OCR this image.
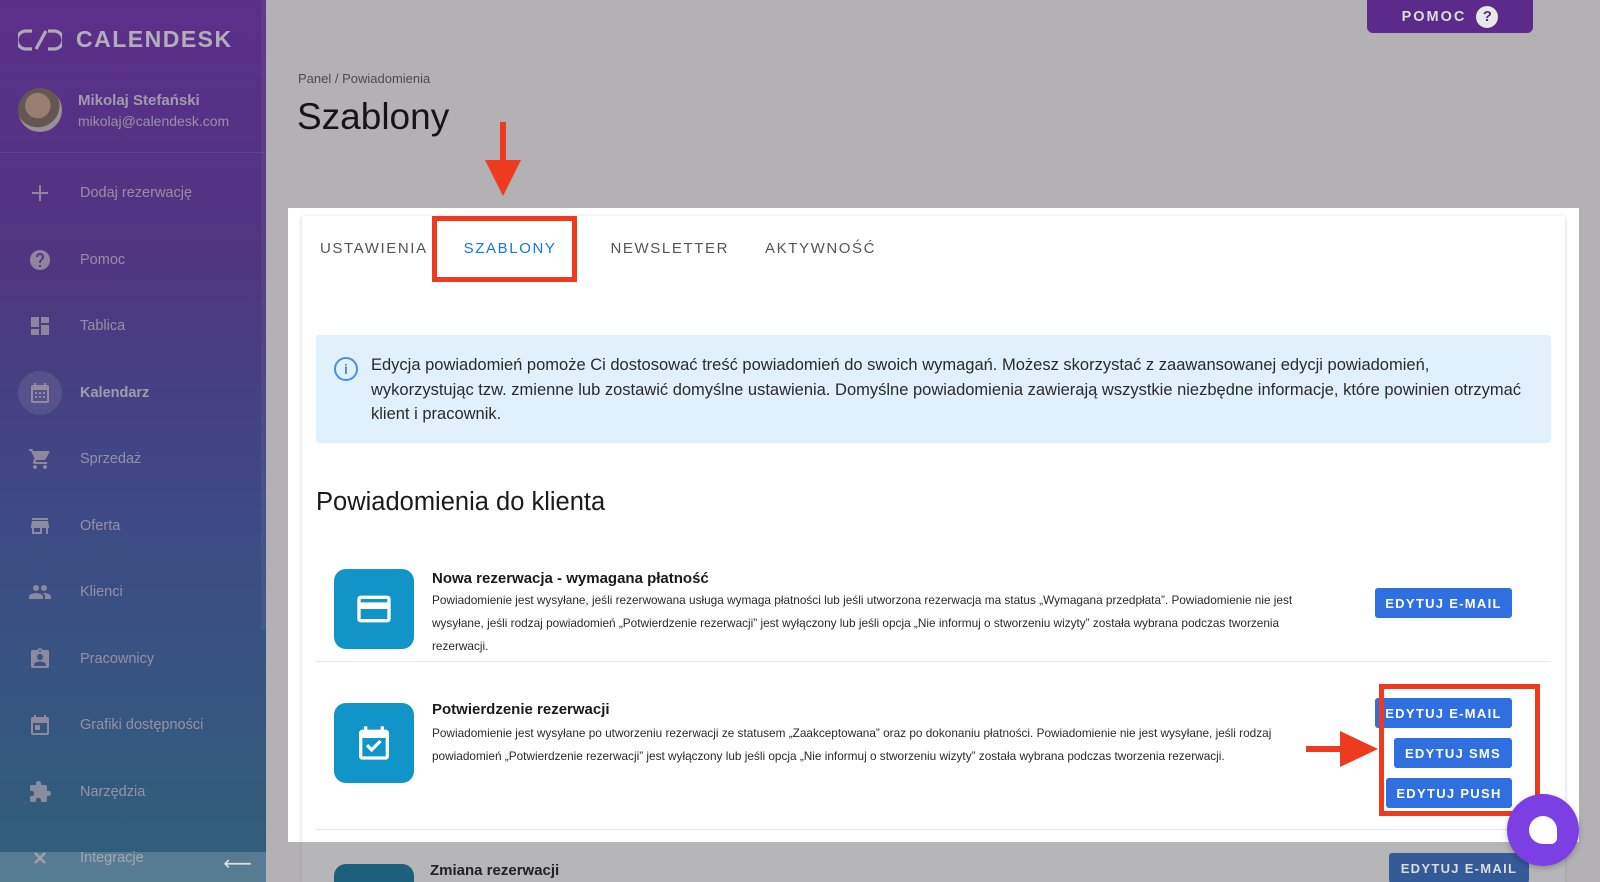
CALENDESK
Mikolaj Stefański
mikolaj@calendesk.com
Dodaj rezerwację
Pomoc
Tablica
Kalendarz
Sprzedaż
Oferta
Klienci
Pracownicy
Grafiki dostępności
Narzędzia
Integracje	⟵
POMOC	?
Panel / Powiadomienia
Szablony
Zmiana rezerwacji	EDYTUJ E-MAIL
USTAWIENIA	SZABLONY	NEWSLETTER	AKTYWNOŚĆ
i	Edycja powiadomień pomoże Ci dostosować treść powiadomień do swoich wymagań. Możesz skorzystać z zaawansowanej edycji powiadomień, wykorzystując tzw. zmienne lub zostawić domyślne ustawienia. Domyślne powiadomienia zawierają wszystkie niezbędne informacje, które powinien otrzymać klient i pracownik.
Powiadomienia do klienta
Nowa rezerwacja - wymagana płatność
Powiadomienie jest wysyłane, jeśli rezerwowana usługa wymaga płatności lub jeśli utworzona rezerwacja ma status „Wymagana przedpłata”. Powiadomienie nie jest wysyłane, jeśli rodzaj powiadomień „Potwierdzenie rezerwacji” jest wyłączony lub jeśli opcja „Nie informuj o stworzeniu wizyty” została wybrana podczas tworzenia rezerwacji.
EDYTUJ E-MAIL
Potwierdzenie rezerwacji
Powiadomienie jest wysyłane po utworzeniu rezerwacji ze statusem „Zaakceptowana” oraz po dokonaniu płatności. Powiadomienie nie jest wysyłane, jeśli rodzaj powiadomień „Potwierdzenie rezerwacji” jest wyłączony lub jeśli opcja „Nie informuj o stworzeniu wizyty” została wybrana podczas tworzenia rezerwacji.
EDYTUJ E-MAIL
EDYTUJ SMS
EDYTUJ PUSH
